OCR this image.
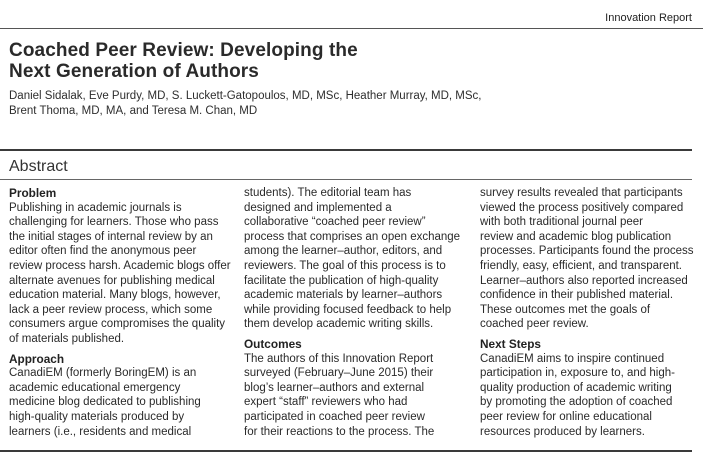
Innovation Report
Coached Peer Review: Developing the
Next Generation of Authors
Daniel Sidalak, Eve Purdy, MD, S. Luckett-Gatopoulos, MD, MSc, Heather Murray, MD, MSc,
Brent Thoma, MD, MA, and Teresa M. Chan, MD
Abstract
Problem

Publishing in academic journals is
challenging for learners. Those who pass
the initial stages of internal review by an
editor often find the anonymous peer
review process harsh. Academic blogs offer
alternate avenues for publishing medical
education material. Many blogs, however,
lack a peer review process, which some
consumers argue compromises the quality
of materials published.

Approach

CanadiEM (formerly BoringEM) is an
academic educational emergency
medicine blog dedicated to publishing
high-quality materials produced by
learners (i.e., residents and medical

students). The editorial team has
designed and implemented a
collaborative “coached peer review”
process that comprises an open exchange
among the learner–author, editors, and
reviewers. The goal of this process is to
facilitate the publication of high-quality
academic materials by learner–authors
while providing focused feedback to help
them develop academic writing skills.

Outcomes

The authors of this Innovation Report
surveyed (February–June 2015) their
blog’s learner–authors and external
expert “staff” reviewers who had
participated in coached peer review
for their reactions to the process. The

survey results revealed that participants
viewed the process positively compared
with both traditional journal peer
review and academic blog publication
processes. Participants found the process
friendly, easy, efficient, and transparent.
Learner–authors also reported increased
confidence in their published material.
These outcomes met the goals of
coached peer review.

Next Steps

CanadiEM aims to inspire continued
participation in, exposure to, and high-
quality production of academic writing
by promoting the adoption of coached
peer review for online educational
resources produced by learners.
